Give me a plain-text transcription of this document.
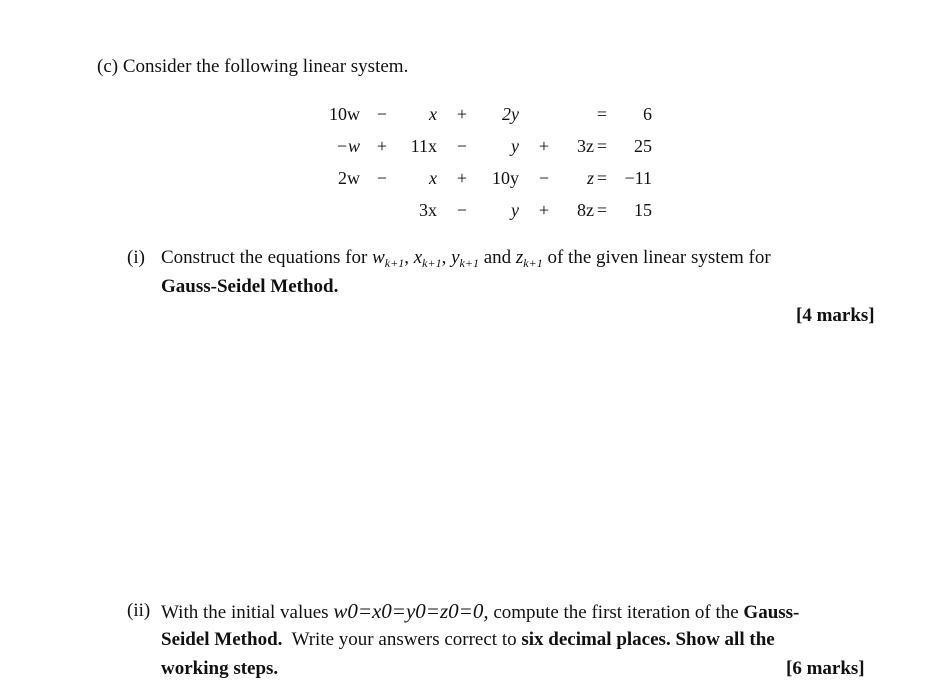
(c) Consider the following linear system.
10w −	x +	2y	=	6
−w +	11x −	y +	3z =	25
2w −	x +	10y −	z = −11
3x −	y +	8z =	15
(i) Construct the equations for $w_{k+1}$, $x_{k+1}$, $y_{k+1}$ and $z_{k+1}$ of the given linear system for
Gauss-Seidel Method.
[4 marks]
(ii) With the initial values w0=x0=y0=z0=0, compute the first iteration of the Gauss-
Seidel Method. Write your answers correct to six decimal places. Show all the
working steps.	[6 marks]
